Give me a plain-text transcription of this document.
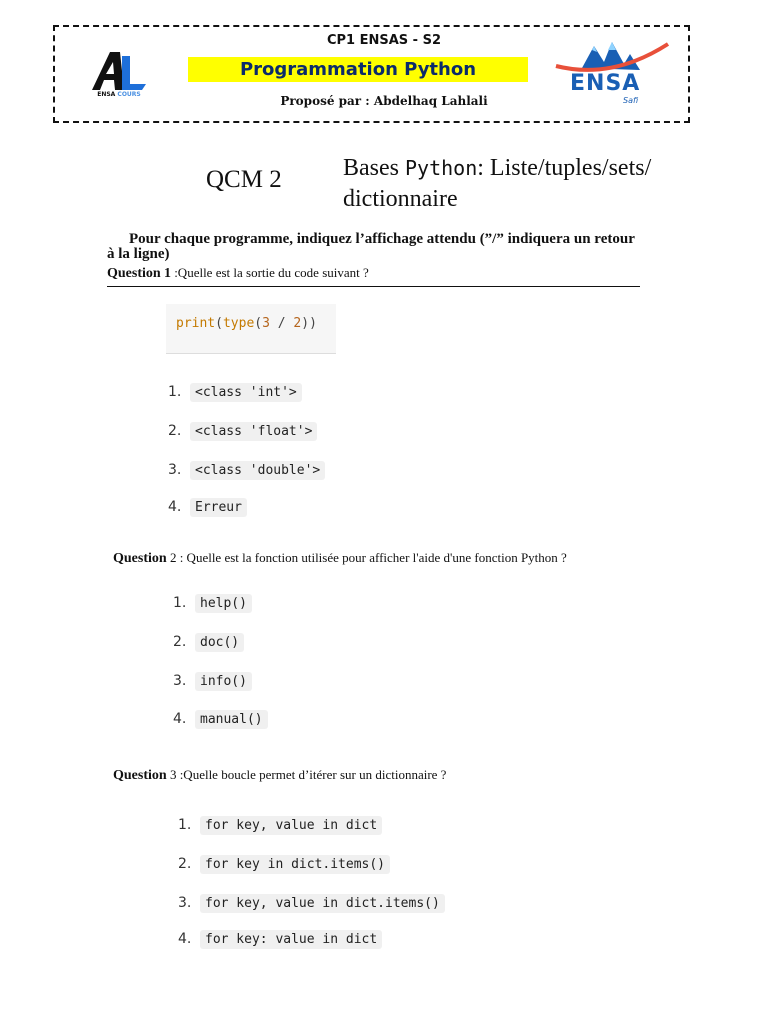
ENSA COURS
CP1 ENSAS - S2
Programmation Python
Proposé par : Abdelhaq Lahlali
ENSA
Safi
QCM 2	Bases Python: Liste/tuples/sets/
dictionnaire
Pour chaque programme, indiquez l’affichage attendu (”/” indiquera un retour à la ligne)
Question 1 :Quelle est la sortie du code suivant ?
print(type(3 / 2))
1. <class 'int'>
2. <class 'float'>
3. <class 'double'>
4. Erreur
Question 2 : Quelle est la fonction utilisée pour afficher l'aide d'une fonction Python ?
1. help()
2. doc()
3. info()
4. manual()
Question 3 :Quelle boucle permet d’itérer sur un dictionnaire ?
1. for key, value in dict
2. for key in dict.items()
3. for key, value in dict.items()
4. for key: value in dict
